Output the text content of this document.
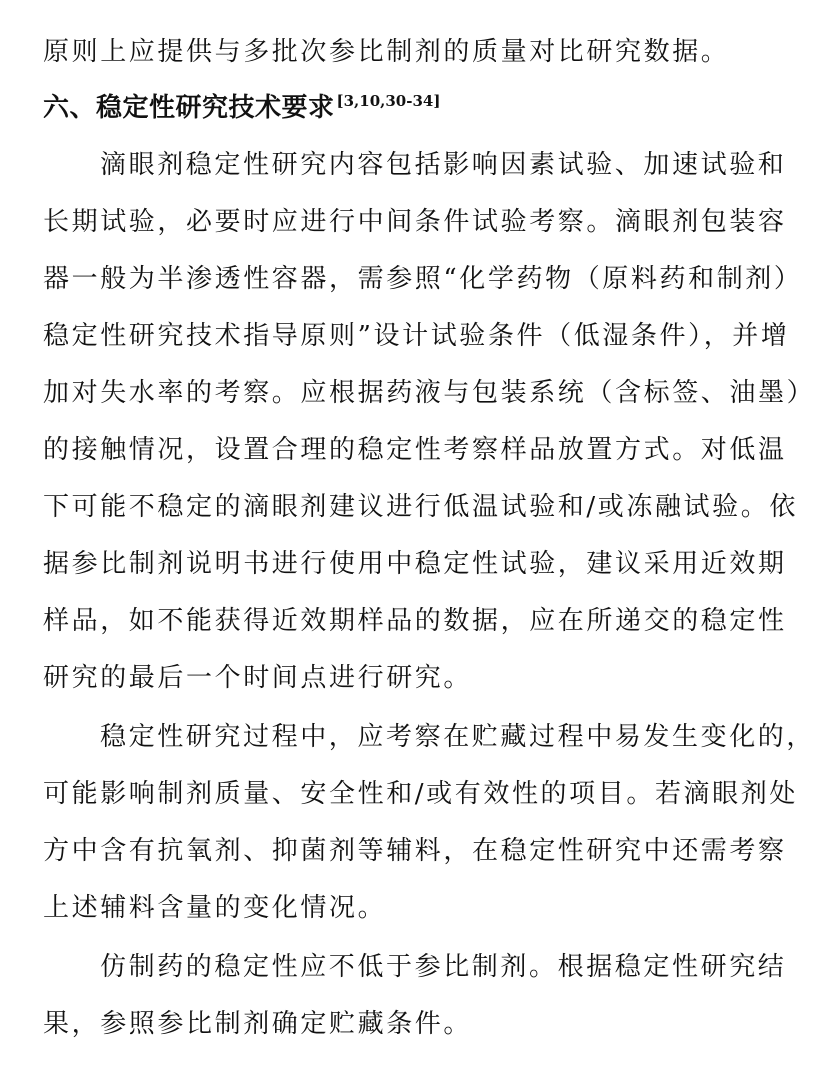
原则上应提供与多批次参比制剂的质量对比研究数据。
六、稳定性研究技术要求 [3,10,30-34]
滴眼剂稳定性研究内容包括影响因素试验、加速试验和
长期试验，必要时应进行中间条件试验考察。滴眼剂包装容
器一般为半渗透性容器，需参照“化学药物（原料药和制剂）
稳定性研究技术指导原则”设计试验条件（低湿条件），并增
加对失水率的考察。应根据药液与包装系统（含标签、油墨）
的接触情况，设置合理的稳定性考察样品放置方式。对低温
下可能不稳定的滴眼剂建议进行低温试验和/或冻融试验。依
据参比制剂说明书进行使用中稳定性试验，建议采用近效期
样品，如不能获得近效期样品的数据，应在所递交的稳定性
研究的最后一个时间点进行研究。
稳定性研究过程中，应考察在贮藏过程中易发生变化的，
可能影响制剂质量、安全性和/或有效性的项目。若滴眼剂处
方中含有抗氧剂、抑菌剂等辅料，在稳定性研究中还需考察
上述辅料含量的变化情况。
仿制药的稳定性应不低于参比制剂。根据稳定性研究结
果，参照参比制剂确定贮藏条件。
